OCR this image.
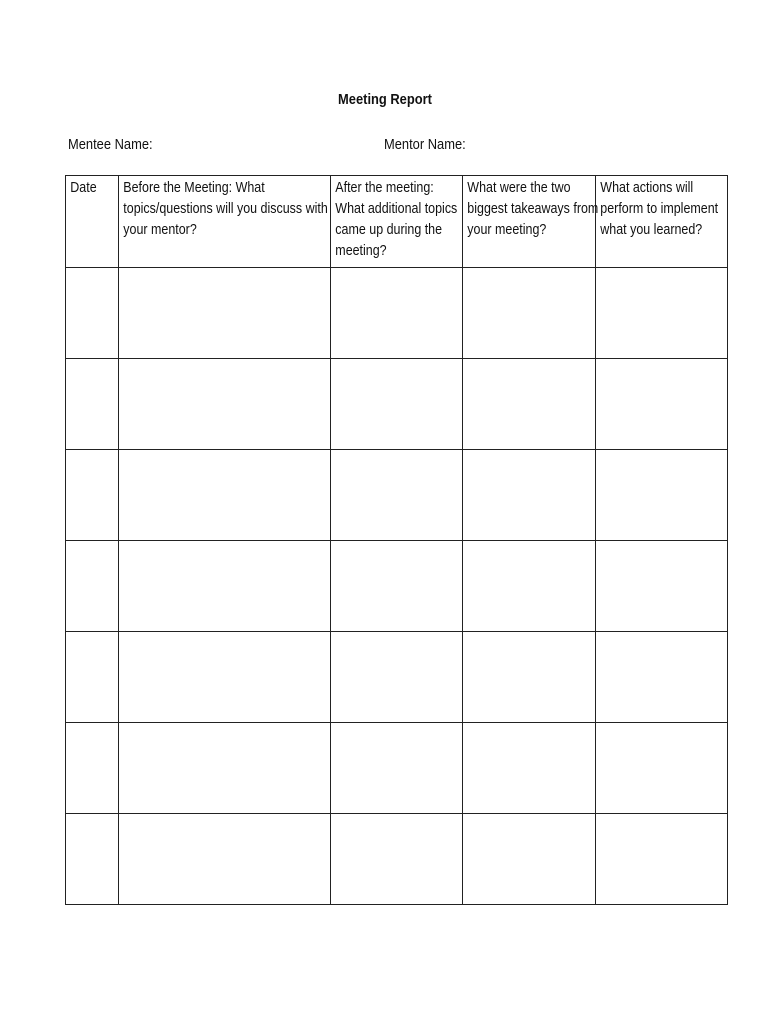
Meeting Report
Mentee Name:	Mentor Name:
Date	Before the Meeting: What topics/questions will you discuss with your mentor?	After the meeting: What additional topics came up during the meeting?	What were the two biggest takeaways from your meeting?	What actions will perform to implement what you learned?
